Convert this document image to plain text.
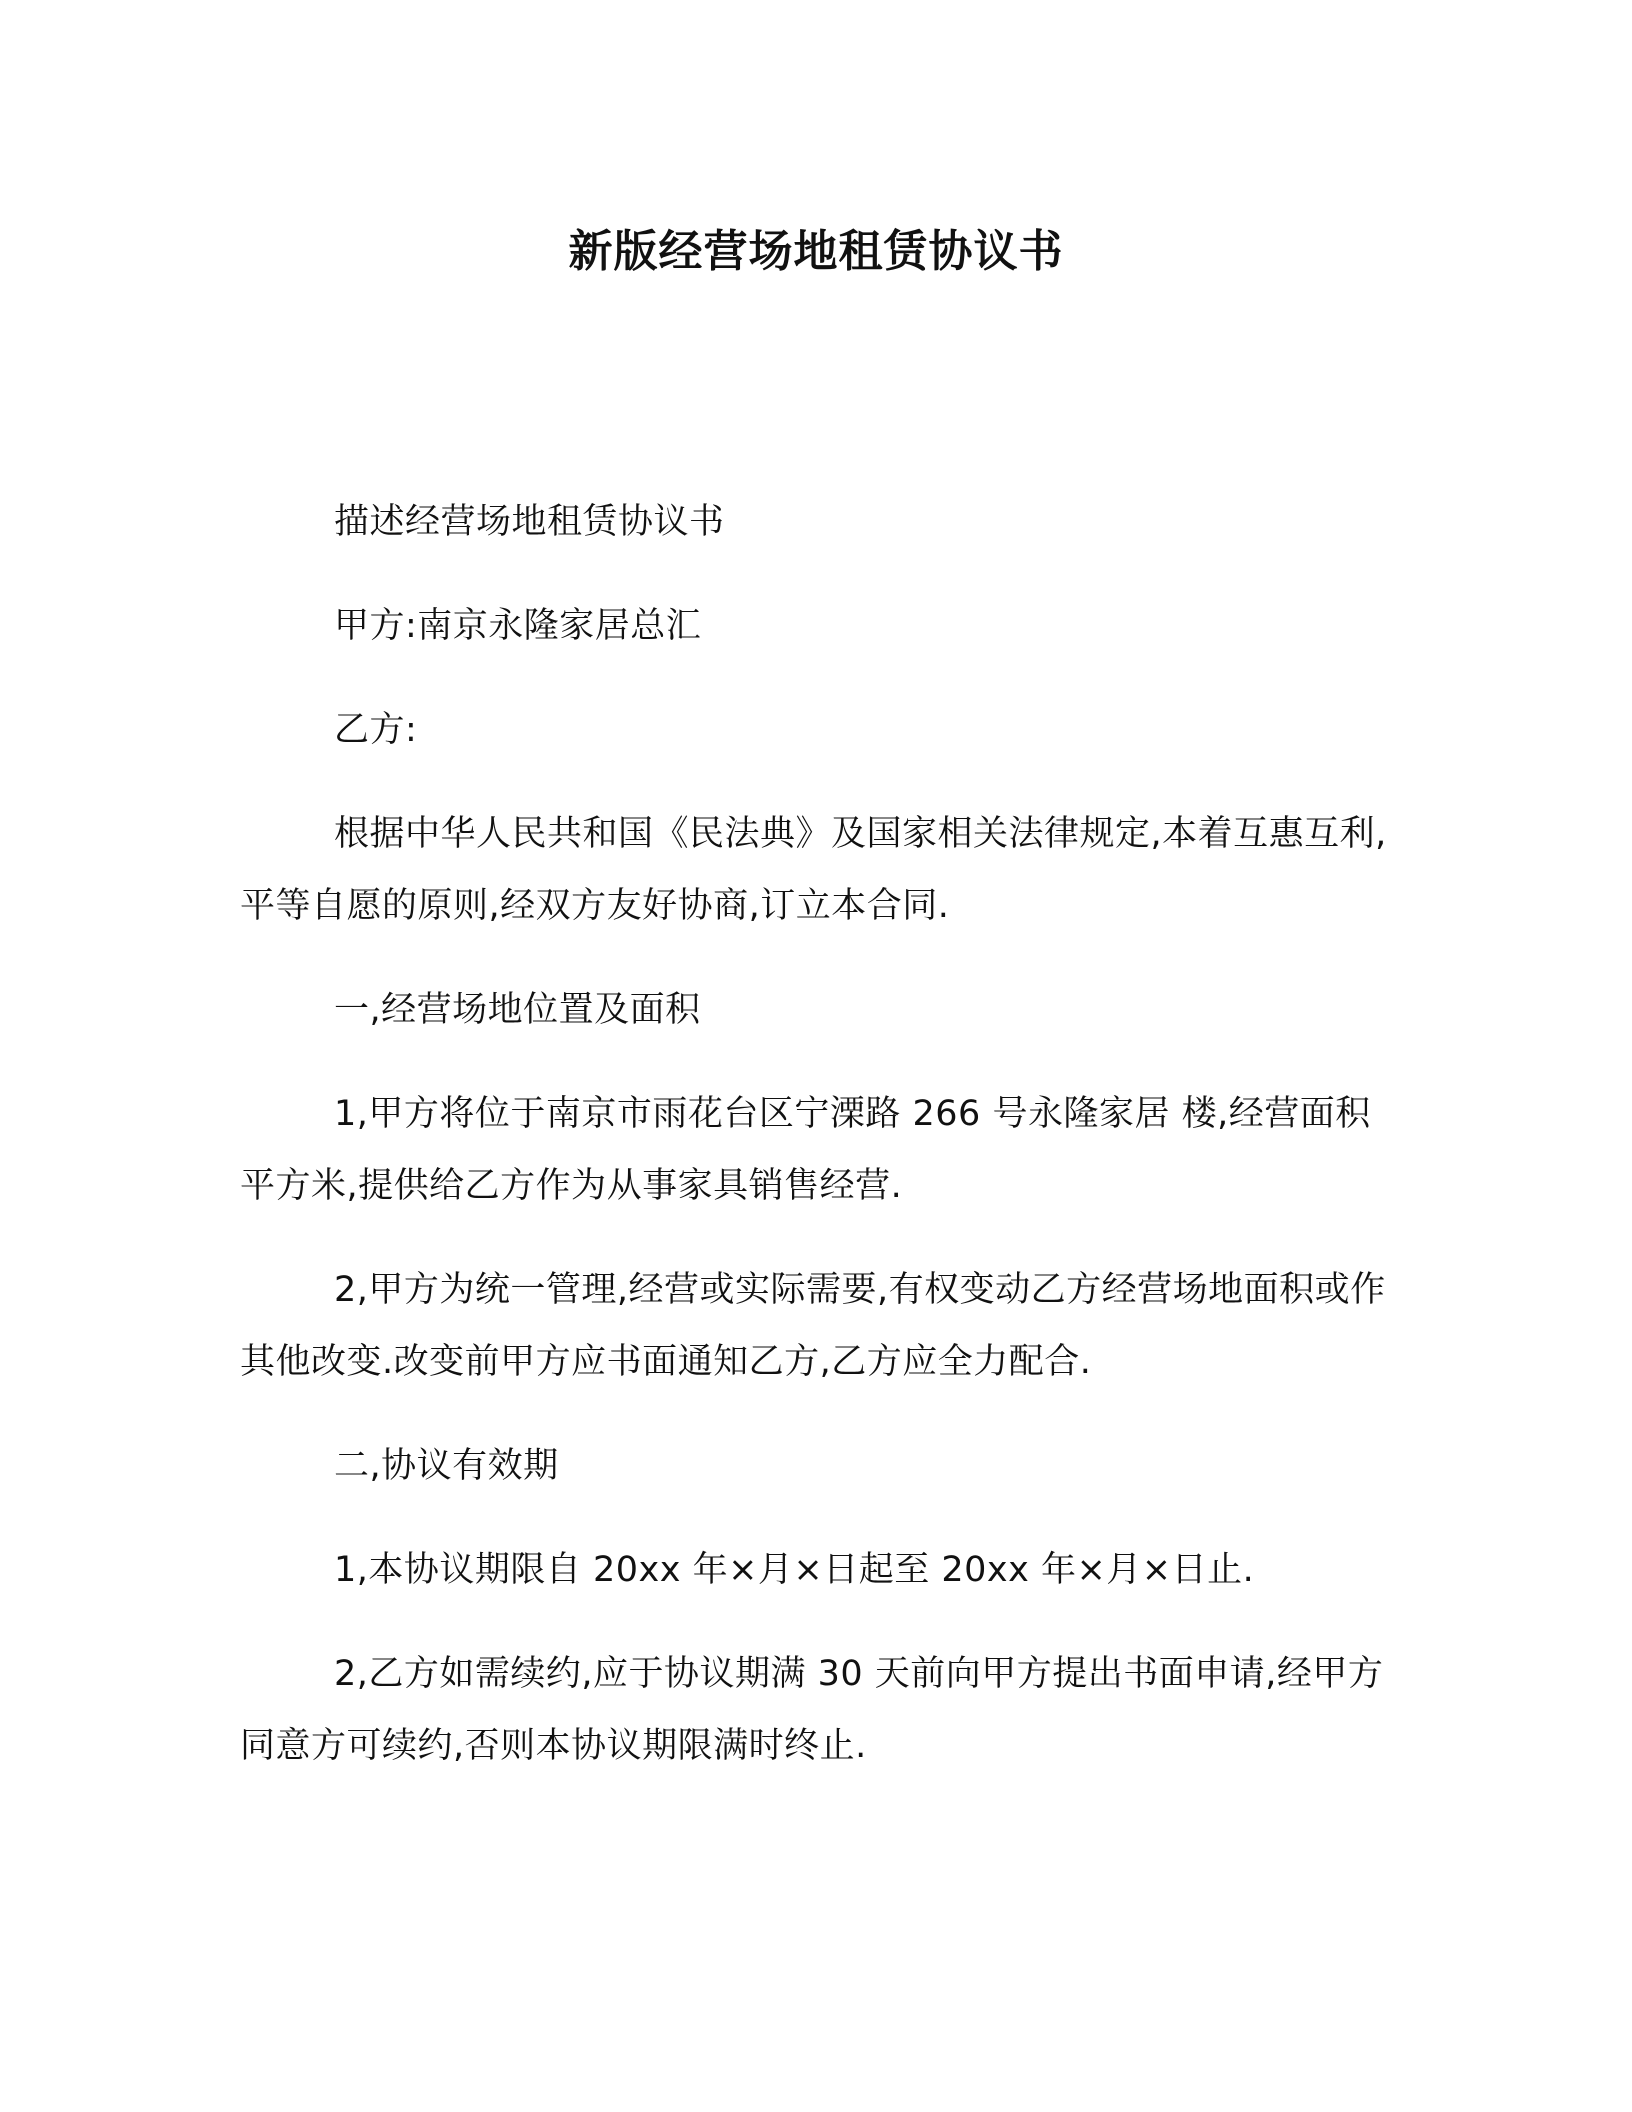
新版经营场地租赁协议书

描述经营场地租赁协议书

甲方:南京永隆家居总汇

乙方:

根据中华人民共和国《民法典》及国家相关法律规定,本着互惠互利,平等自愿的原则,经双方友好协商,订立本合同.

一,经营场地位置及面积

1,甲方将位于南京市雨花台区宁溧路 266 号永隆家居 楼,经营面积 平方米,提供给乙方作为从事家具销售经营.

2,甲方为统一管理,经营或实际需要,有权变动乙方经营场地面积或作其他改变.改变前甲方应书面通知乙方,乙方应全力配合.

二,协议有效期

1,本协议期限自 20xx 年×月×日起至 20xx 年×月×日止.

2,乙方如需续约,应于协议期满 30 天前向甲方提出书面申请,经甲方同意方可续约,否则本协议期限满时终止.
